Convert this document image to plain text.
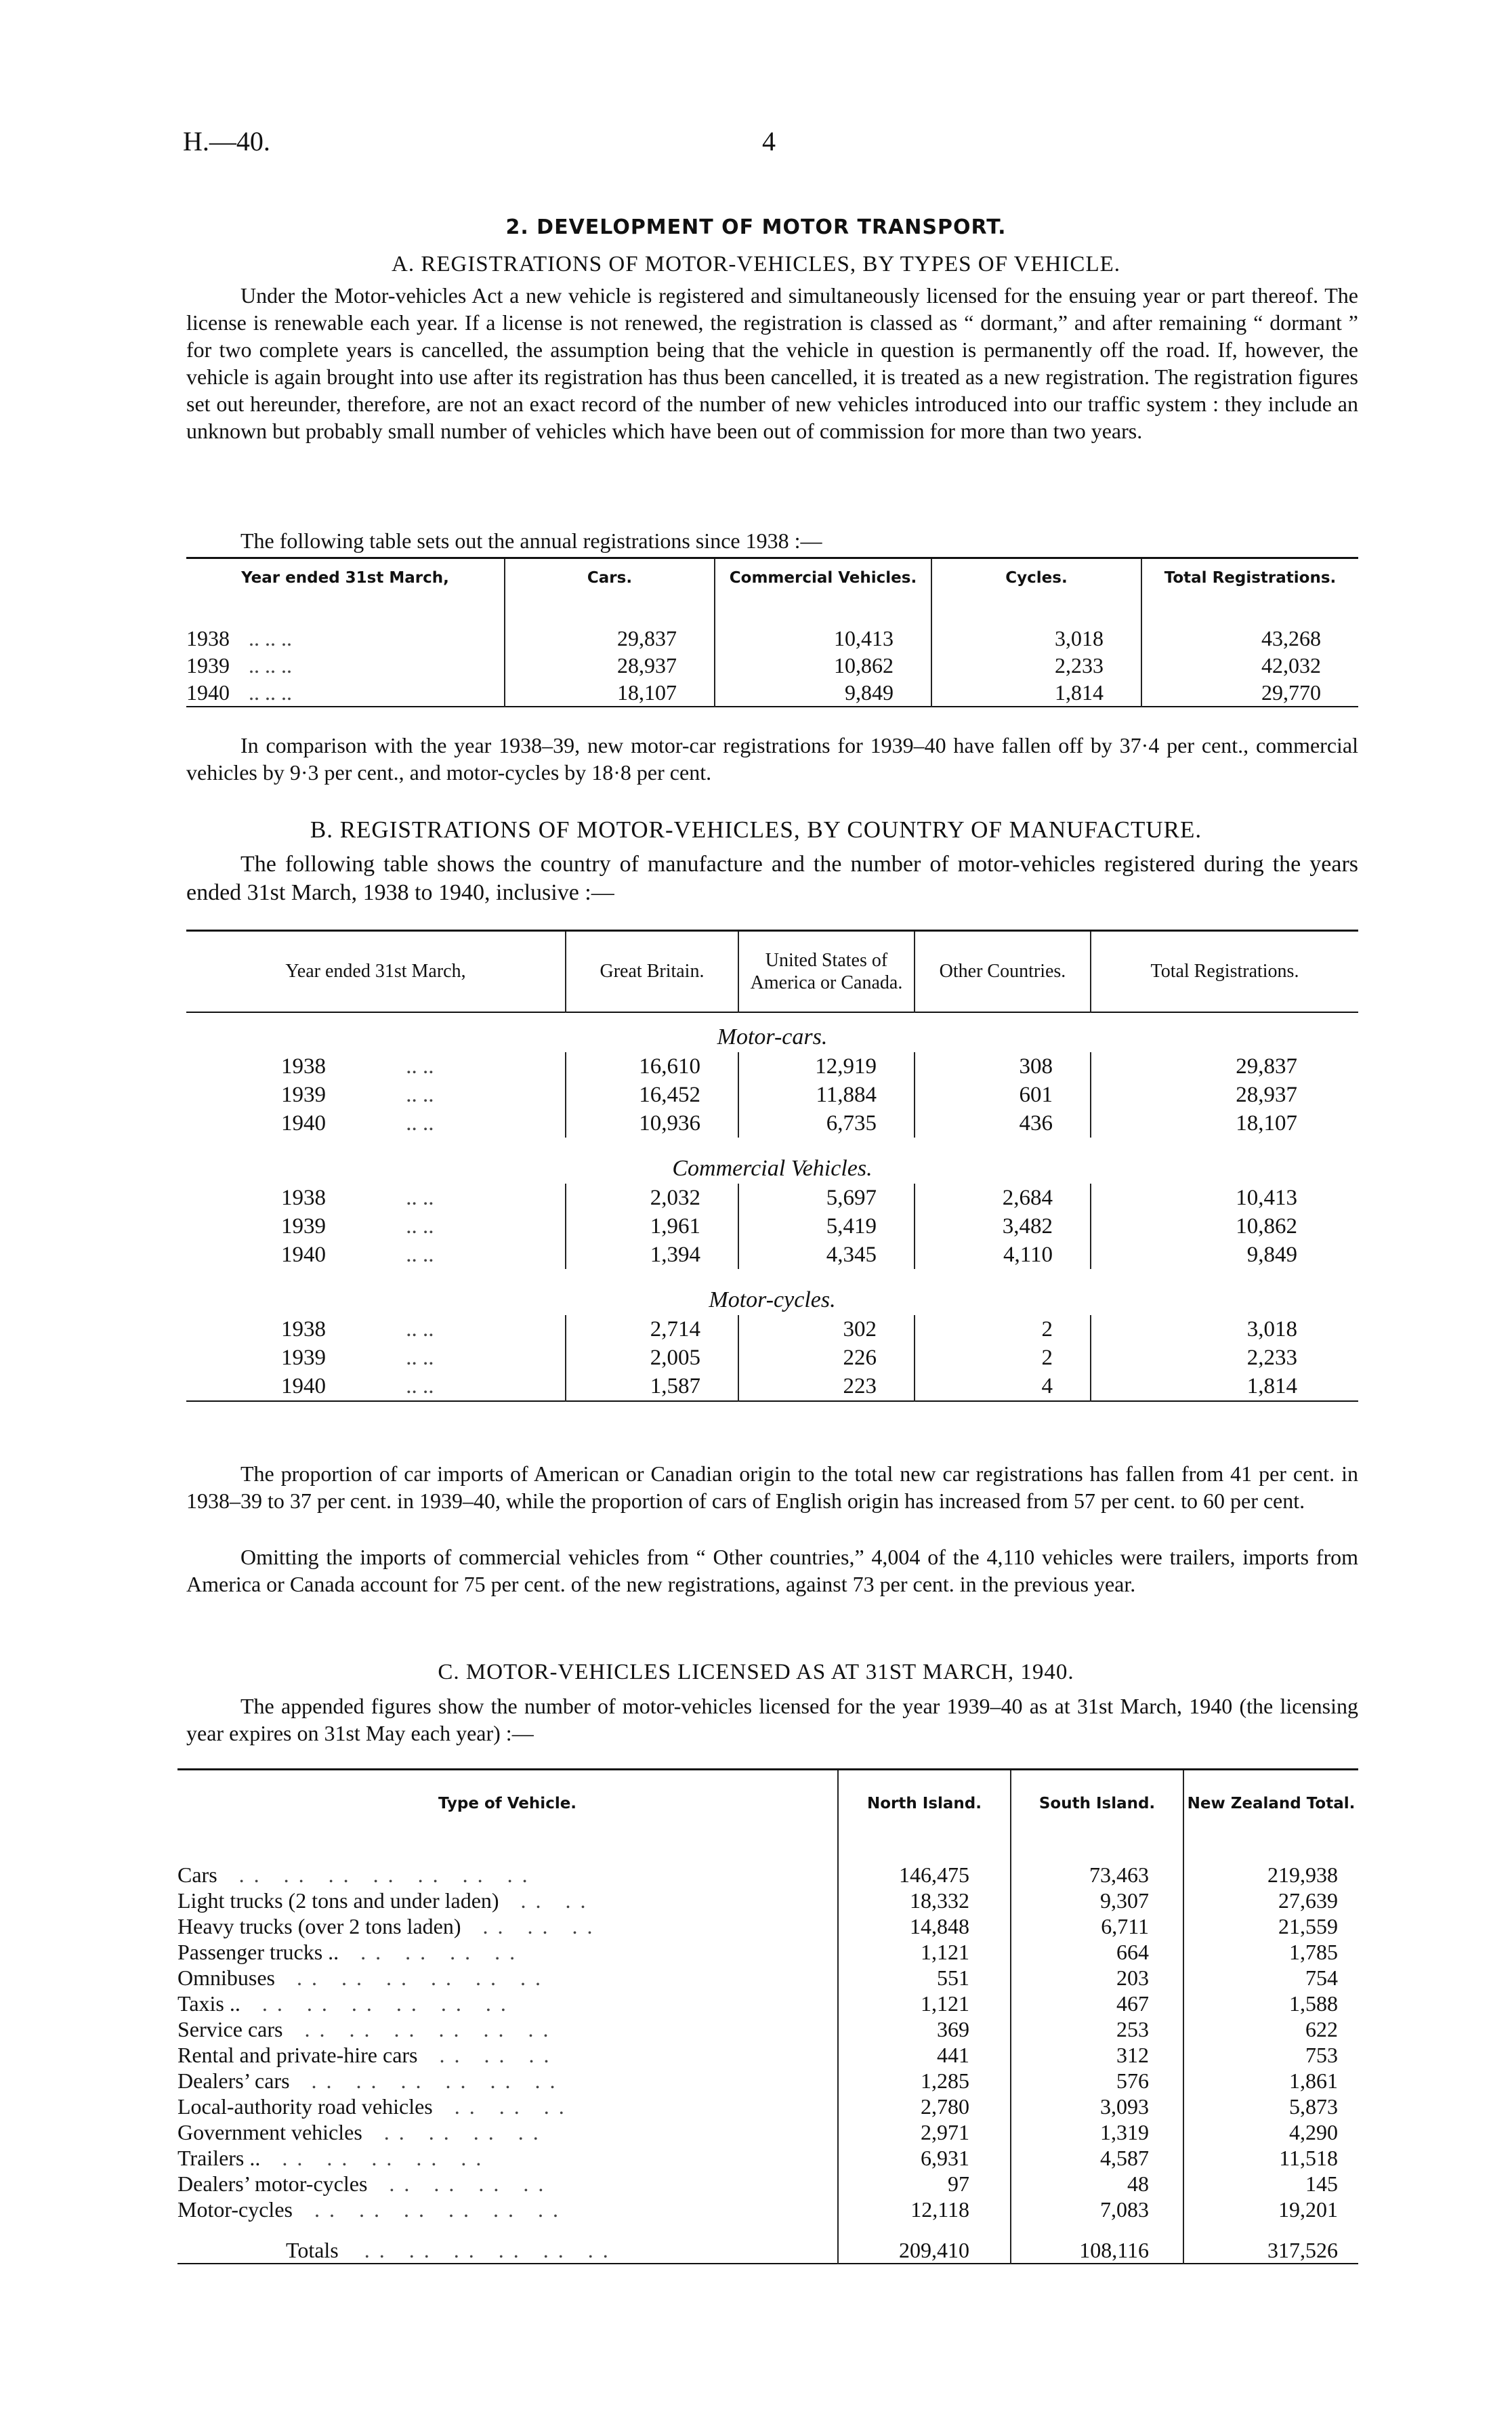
H.—40.	4
2. DEVELOPMENT OF MOTOR TRANSPORT.
A. REGISTRATIONS OF MOTOR-VEHICLES, BY TYPES OF VEHICLE.
Under the Motor-vehicles Act a new vehicle is registered and simultaneously licensed for the ensuing year or part thereof. The license is renewable each year. If a license is not renewed, the registration is classed as “ dormant,” and after remaining “ dormant ” for two complete years is cancelled, the assumption being that the vehicle in question is permanently off the road. If, however, the vehicle is again brought into use after its registration has thus been cancelled, it is treated as a new registration. The registration figures set out hereunder, therefore, are not an exact record of the number of new vehicles introduced into our traffic system : they include an unknown but probably small number of vehicles which have been out of commission for more than two years.
The following table sets out the annual registrations since 1938 :—
Year ended 31st March,	Cars.	Commercial Vehicles.	Cycles.	Total Registrations.

1938 .. .. ..	29,837	10,413	3,018	43,268
1939 .. .. ..	28,937	10,862	2,233	42,032
1940 .. .. ..	18,107	9,849	1,814	29,770
In comparison with the year 1938–39, new motor-car registrations for 1939–40 have fallen off by 37·4 per cent., commercial vehicles by 9·3 per cent., and motor-cycles by 18·8 per cent.
B. REGISTRATIONS OF MOTOR-VEHICLES, BY COUNTRY OF MANUFACTURE.
The following table shows the country of manufacture and the number of motor-vehicles registered during the years ended 31st March, 1938 to 1940, inclusive :—
Year ended 31st March,	Great Britain.	United States of America or Canada.	Other Countries.	Total Registrations.
Motor-cars.				
1938 .. ..	16,610	12,919	308	29,837
1939 .. ..	16,452	11,884	601	28,937
1940 .. ..	10,936	6,735	436	18,107
Commercial Vehicles.				
1938 .. ..	2,032	5,697	2,684	10,413
1939 .. ..	1,961	5,419	3,482	10,862
1940 .. ..	1,394	4,345	4,110	9,849
Motor-cycles.				
1938 .. ..	2,714	302	2	3,018
1939 .. ..	2,005	226	2	2,233
1940 .. ..	1,587	223	4	1,814
The proportion of car imports of American or Canadian origin to the total new car registrations has fallen from 41 per cent. in 1938–39 to 37 per cent. in 1939–40, while the proportion of cars of English origin has increased from 57 per cent. to 60 per cent.
Omitting the imports of commercial vehicles from “ Other countries,” 4,004 of the 4,110 vehicles were trailers, imports from America or Canada account for 75 per cent. of the new registrations, against 73 per cent. in the previous year.
C. MOTOR-VEHICLES LICENSED AS AT 31ST MARCH, 1940.
The appended figures show the number of motor-vehicles licensed for the year 1939–40 as at 31st March, 1940 (the licensing year expires on 31st May each year) :—
Type of Vehicle.	North Island.	South Island.	New Zealand Total.

Cars .. .. .. .. .. .. ..	146,475	73,463	219,938
Light trucks (2 tons and under laden) .. ..	18,332	9,307	27,639
Heavy trucks (over 2 tons laden) .. .. ..	14,848	6,711	21,559
Passenger trucks .. .. .. .. ..	1,121	664	1,785
Omnibuses .. .. .. .. .. ..	551	203	754
Taxis .. .. .. .. .. .. ..	1,121	467	1,588
Service cars .. .. .. .. .. ..	369	253	622
Rental and private-hire cars .. .. ..	441	312	753
Dealers’ cars .. .. .. .. .. ..	1,285	576	1,861
Local-authority road vehicles .. .. ..	2,780	3,093	5,873
Government vehicles .. .. .. ..	2,971	1,319	4,290
Trailers .. .. .. .. .. ..	6,931	4,587	11,518
Dealers’ motor-cycles .. .. .. ..	97	48	145
Motor-cycles .. .. .. .. .. ..	12,118	7,083	19,201

Totals .. .. .. .. .. ..	209,410	108,116	317,526
